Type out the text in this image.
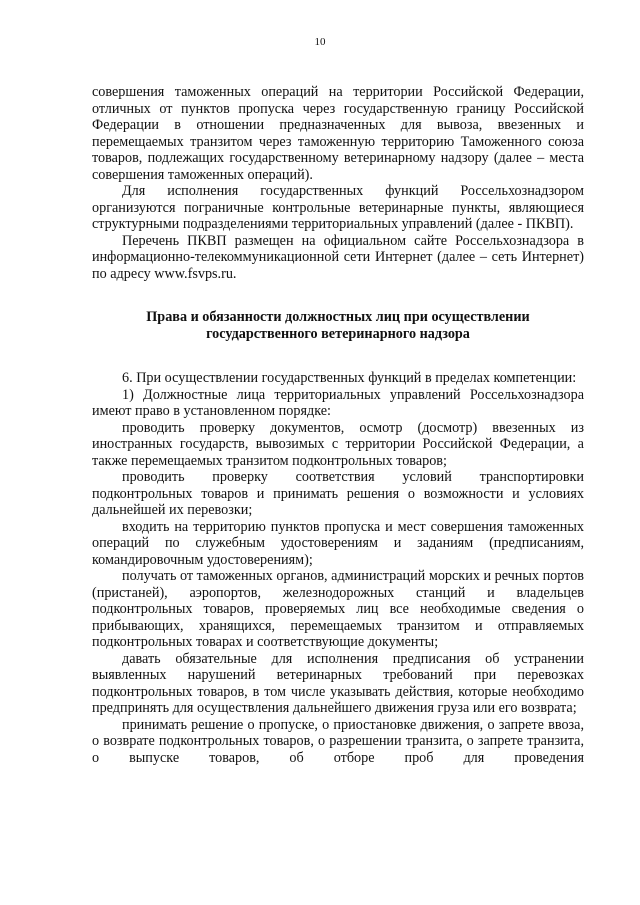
10

совершения таможенных операций на территории Российской Федерации, отличных от пунктов пропуска через государственную границу Российской Федерации в отношении предназначенных для вывоза, ввезенных и перемещаемых транзитом через таможенную территорию Таможенного союза товаров, подлежащих государственному ветеринарному надзору (далее – места совершения таможенных операций).

Для исполнения государственных функций Россельхознадзором организуются пограничные контрольные ветеринарные пункты, являющиеся структурными подразделениями территориальных управлений (далее - ПКВП).

Перечень ПКВП размещен на официальном сайте Россельхознадзора в информационно-телекоммуникационной сети Интернет (далее – сеть Интернет) по адресу www.fsvps.ru.

Права и обязанности должностных лиц при осуществлении

государственного ветеринарного надзора

6. При осуществлении государственных функций в пределах компетенции:

1) Должностные лица территориальных управлений Россельхознадзора имеют право в установленном порядке:

проводить проверку документов, осмотр (досмотр) ввезенных из иностранных государств, вывозимых с территории Российской Федерации, а также перемещаемых транзитом подконтрольных товаров;

проводить проверку соответствия условий транспортировки подконтрольных товаров и принимать решения о возможности и условиях дальнейшей их перевозки;

входить на территорию пунктов пропуска и мест совершения таможенных операций по служебным удостоверениям и заданиям (предписаниям, командировочным удостоверениям);

получать от таможенных органов, администраций морских и речных портов (пристаней), аэропортов, железнодорожных станций и владельцев подконтрольных товаров, проверяемых лиц все необходимые сведения о прибывающих, хранящихся, перемещаемых транзитом и отправляемых подконтрольных товарах и соответствующие документы;

давать обязательные для исполнения предписания об устранении выявленных нарушений ветеринарных требований при перевозках подконтрольных товаров, в том числе указывать действия, которые необходимо предпринять для осуществления дальнейшего движения груза или его возврата;

принимать решение о пропуске, о приостановке движения, о запрете ввоза, о возврате подконтрольных товаров, о разрешении транзита, о запрете транзита, о выпуске товаров, об отборе проб для проведения
